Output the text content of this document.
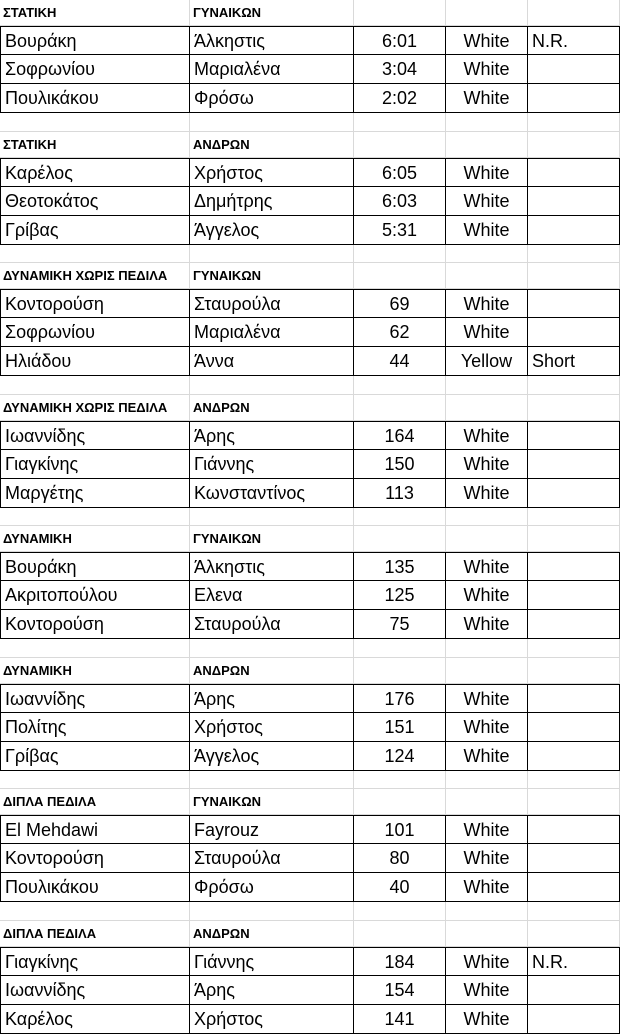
ΣΤΑΤΙΚΗ	ΓΥΝΑΙΚΩΝ
Βουράκη	Άλκηστις	6:01	White	N.R.
Σοφρωνίου	Μαριαλένα	3:04	White
Πουλικάκου	Φρόσω	2:02	White
ΣΤΑΤΙΚΗ	ΑΝΔΡΩΝ
Καρέλος	Χρήστος	6:05	White
Θεοτοκάτος	Δημήτρης	6:03	White
Γρίβας	Άγγελος	5:31	White
ΔΥΝΑΜΙΚΗ ΧΩΡΙΣ ΠΕΔΙΛΑ	ΓΥΝΑΙΚΩΝ
Κοντορούση	Σταυρούλα	69	White
Σοφρωνίου	Μαριαλένα	62	White
Ηλιάδου	Άννα	44	Yellow	Short
ΔΥΝΑΜΙΚΗ ΧΩΡΙΣ ΠΕΔΙΛΑ	ΑΝΔΡΩΝ
Ιωαννίδης	Άρης	164	White
Γιαγκίνης	Γιάννης	150	White
Μαργέτης	Κωνσταντίνος	113	White
ΔΥΝΑΜΙΚΗ	ΓΥΝΑΙΚΩΝ
Βουράκη	Άλκηστις	135	White
Ακριτοπούλου	Ελενα	125	White
Κοντορούση	Σταυρούλα	75	White
ΔΥΝΑΜΙΚΗ	ΑΝΔΡΩΝ
Ιωαννίδης	Άρης	176	White
Πολίτης	Χρήστος	151	White
Γρίβας	Άγγελος	124	White
ΔΙΠΛΑ ΠΕΔΙΛΑ	ΓΥΝΑΙΚΩΝ
El Mehdawi	Fayrouz	101	White
Κοντορούση	Σταυρούλα	80	White
Πουλικάκου	Φρόσω	40	White
ΔΙΠΛΑ ΠΕΔΙΛΑ	ΑΝΔΡΩΝ
Γιαγκίνης	Γιάννης	184	White	N.R.
Ιωαννίδης	Άρης	154	White
Καρέλος	Χρήστος	141	White
